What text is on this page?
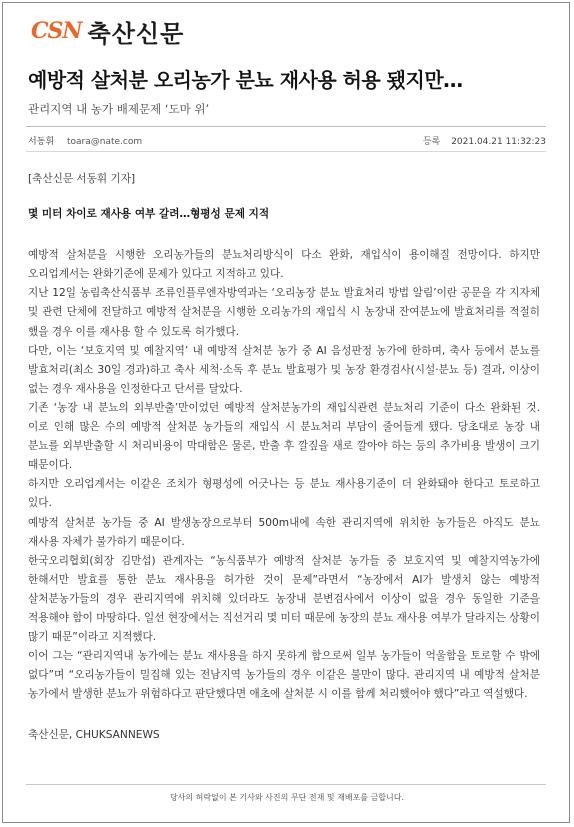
CSN 축산신문
예방적 살처분 오리농가 분뇨 재사용 허용 됐지만…
관리지역 내 농가 배제문제 ‘도마 위’
서동휘 toara@nate.com	등록 2021.04.21 11:32:23

[축산신문 서동휘 기자]

몇 미터 차이로 재사용 여부 갈려…형평성 문제 지적

예방적 살처분을 시행한 오리농가들의 분뇨처리방식이 다소 완화, 재입식이 용이해질 전망이다. 하지만 오리업계서는 완화기준에 문제가 있다고 지적하고 있다.

지난 12일 농림축산식품부 조류인플루엔자방역과는 ‘오리농장 분뇨 발효처리 방법 알림’이란 공문을 각 지자체 및 관련 단체에 전달하고 예방적 살처분을 시행한 오리농가의 재입식 시 농장내 잔여분뇨에 발효처리를 적절히 했을 경우 이를 재사용 할 수 있도록 허가했다.

다만, 이는 ‘보호지역 및 예찰지역’ 내 예방적 살처분 농가 중 AI 음성판정 농가에 한하며, 축사 등에서 분뇨를 발효처리(최소 30일 경과)하고 축사 세척·소독 후 분뇨 발효평가 및 농장 환경검사(시설·분뇨 등) 결과, 이상이 없는 경우 재사용을 인정한다고 단서를 달았다.

기존 ‘농장 내 분뇨의 외부반출’만이었던 예방적 살처분농가의 재입식관련 분뇨처리 기준이 다소 완화된 것. 이로 인해 많은 수의 예방적 살처분 농가들의 재입식 시 분뇨처리 부담이 줄어들게 됐다. 당초대로 농장 내 분뇨를 외부반출할 시 처리비용이 막대함은 물론, 반출 후 깔짚을 새로 깔아야 하는 등의 추가비용 발생이 크기 때문이다.

하지만 오리업계서는 이같은 조치가 형평성에 어긋나는 등 분뇨 재사용기준이 더 완화돼야 한다고 토로하고 있다.

예방적 살처분 농가들 중 AI 발생농장으로부터 500m내에 속한 관리지역에 위치한 농가들은 아직도 분뇨 재사용 자체가 불가하기 때문이다.

한국오리협회(회장 김만섭) 관계자는 “농식품부가 예방적 살처분 농가들 중 보호지역 및 예찰지역농가에 한해서만 발효를 통한 분뇨 재사용을 허가한 것이 문제”라면서 “농장에서 AI가 발생치 않는 예방적 살처분농가들의 경우 관리지역에 위치해 있더라도 농장내 분변검사에서 이상이 없을 경우 동일한 기준을 적용해야 함이 마땅하다. 일선 현장에서는 직선거리 몇 미터 때문에 농장의 분뇨 재사용 여부가 달라지는 상황이 많기 때문”이라고 지적했다.

이어 그는 “관리지역내 농가에는 분뇨 재사용을 하지 못하게 함으로써 일부 농가들이 억울함을 토로할 수 밖에 없다”며 “오리농가들이 밀집해 있는 전남지역 농가들의 경우 이같은 불만이 많다. 관리지역 내 예방적 살처분 농가에서 발생한 분뇨가 위험하다고 판단했다면 애초에 살처분 시 이를 함께 처리했어야 했다”라고 역설했다.

축산신문, CHUKSANNEWS

당사의 허락없이 본 기사와 사진의 무단 전재 및 재배포를 금합니다.
